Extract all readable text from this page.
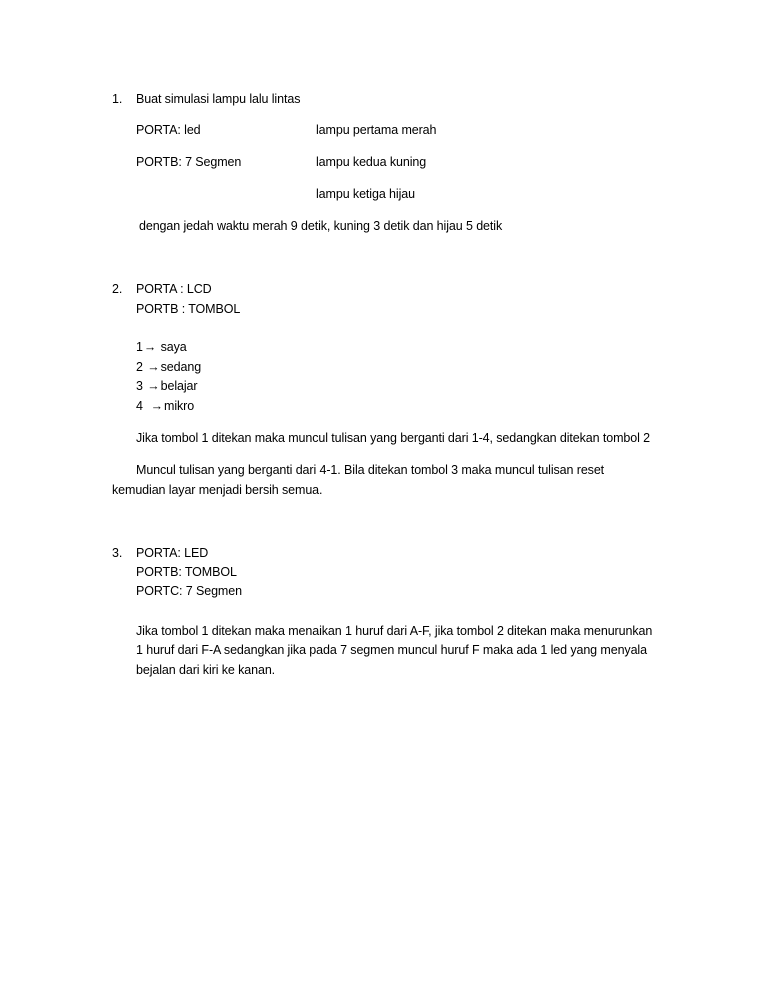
1. Buat simulasi lampu lalu lintas
PORTA: led	lampu pertama merah
PORTB: 7 Segmen	lampu kedua kuning
lampu ketiga hijau
dengan jedah waktu merah 9 detik, kuning 3 detik dan hijau 5 detik
2. PORTA : LCD
PORTB : TOMBOL
1→ saya
2 →sedang
3 →belajar
4  →mikro
Jika tombol 1 ditekan maka muncul tulisan yang berganti dari 1-4, sedangkan ditekan tombol 2
Muncul tulisan yang berganti dari 4-1. Bila ditekan tombol 3 maka muncul tulisan reset
kemudian layar menjadi bersih semua.
3. PORTA: LED
PORTB: TOMBOL
PORTC: 7 Segmen
Jika tombol 1 ditekan maka menaikan 1 huruf dari A-F, jika tombol 2 ditekan maka menurunkan
1 huruf dari F-A sedangkan jika pada 7 segmen muncul huruf F maka ada 1 led yang menyala
bejalan dari kiri ke kanan.
